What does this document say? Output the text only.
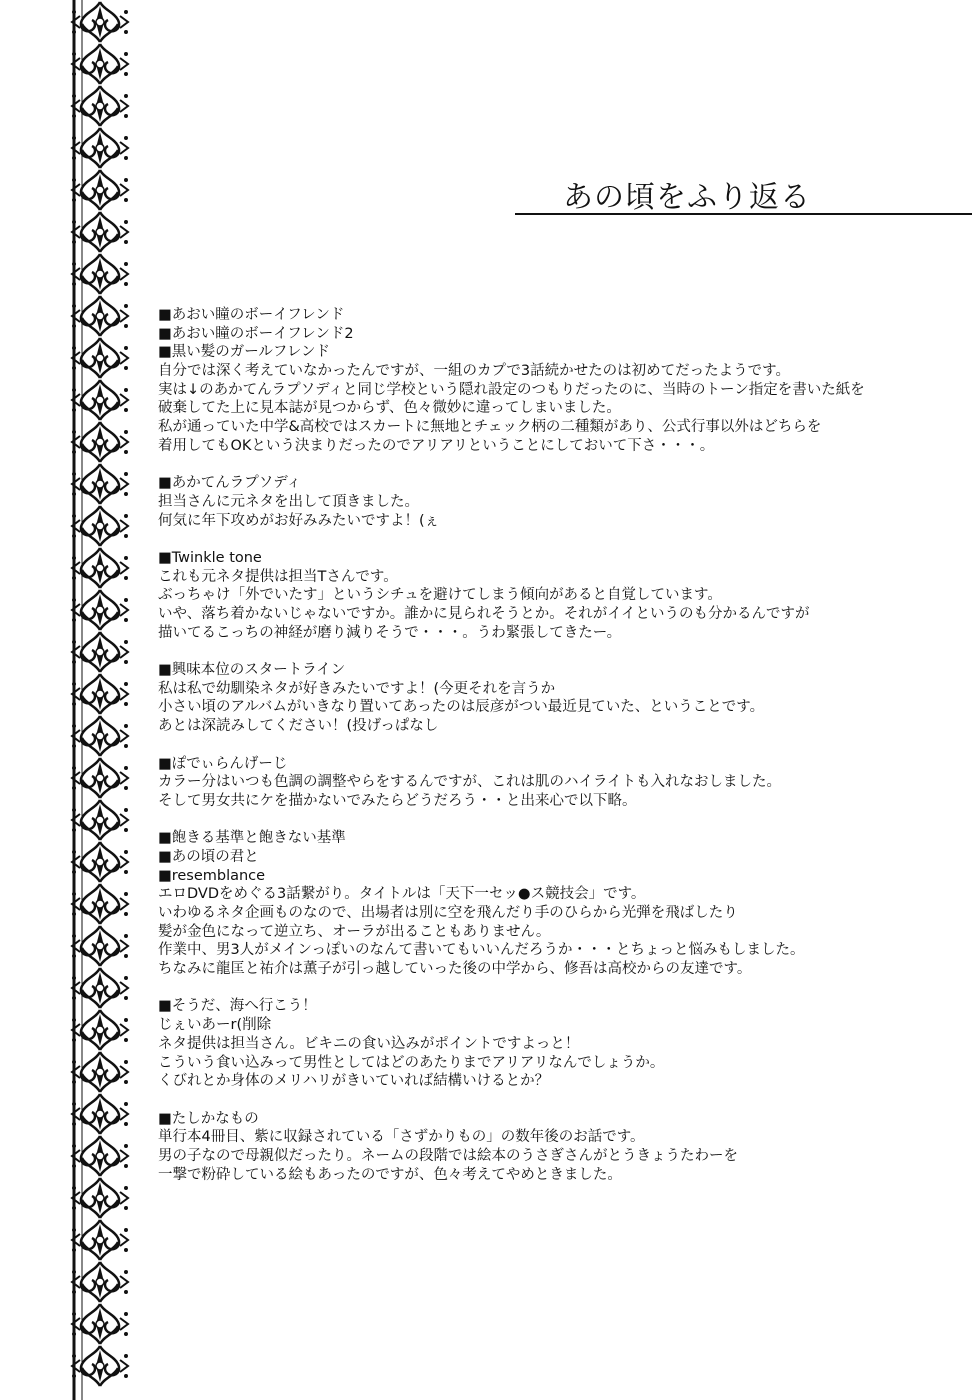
あの頃をふり返る
■あおい瞳のボーイフレンド
■あおい瞳のボーイフレンド2
■黒い髪のガールフレンド
自分では深く考えていなかったんですが、一組のカプで3話続かせたのは初めてだったようです。
実は↓のあかてんラプソディと同じ学校という隠れ設定のつもりだったのに、当時のトーン指定を書いた紙を
破棄してた上に見本誌が見つからず、色々微妙に違ってしまいました。
私が通っていた中学&高校ではスカートに無地とチェック柄の二種類があり、公式行事以外はどちらを
着用してもOKという決まりだったのでアリアリということにしておいて下さ・・・。
■あかてんラプソディ
担当さんに元ネタを出して頂きました。
何気に年下攻めがお好みみたいですよ！(ぇ
■Twinkle tone
これも元ネタ提供は担当Tさんです。
ぶっちゃけ「外でいたす」というシチュを避けてしまう傾向があると自覚しています。
いや、落ち着かないじゃないですか。誰かに見られそうとか。それがイイというのも分かるんですが
描いてるこっちの神経が磨り減りそうで・・・。うわ緊張してきたー。
■興味本位のスタートライン
私は私で幼馴染ネタが好きみたいですよ！(今更それを言うか
小さい頃のアルバムがいきなり置いてあったのは辰彦がつい最近見ていた、ということです。
あとは深読みしてください！(投げっぱなし
■ぽでぃらんげーじ
カラー分はいつも色調の調整やらをするんですが、これは肌のハイライトも入れなおしました。
そして男女共にケを描かないでみたらどうだろう・・と出来心で以下略。
■飽きる基準と飽きない基準
■あの頃の君と
■resemblance
エロDVDをめぐる3話繋がり。タイトルは「天下一セッ●ス競技会」です。
いわゆるネタ企画ものなので、出場者は別に空を飛んだり手のひらから光弾を飛ばしたり
髪が金色になって逆立ち、オーラが出ることもありません。
作業中、男3人がメインっぽいのなんて書いてもいいんだろうか・・・とちょっと悩みもしました。
ちなみに龍匡と祐介は薫子が引っ越していった後の中学から、修吾は高校からの友達です。
■そうだ、海へ行こう！
じぇいあーr(削除
ネタ提供は担当さん。ビキニの食い込みがポイントですよっと！
こういう食い込みって男性としてはどのあたりまでアリアリなんでしょうか。
くびれとか身体のメリハリがきいていれば結構いけるとか？
■たしかなもの
単行本4冊目、紫に収録されている「さずかりもの」の数年後のお話です。
男の子なので母親似だったり。ネームの段階では絵本のうさぎさんがとうきょうたわーを
一撃で粉砕している絵もあったのですが、色々考えてやめときました。
